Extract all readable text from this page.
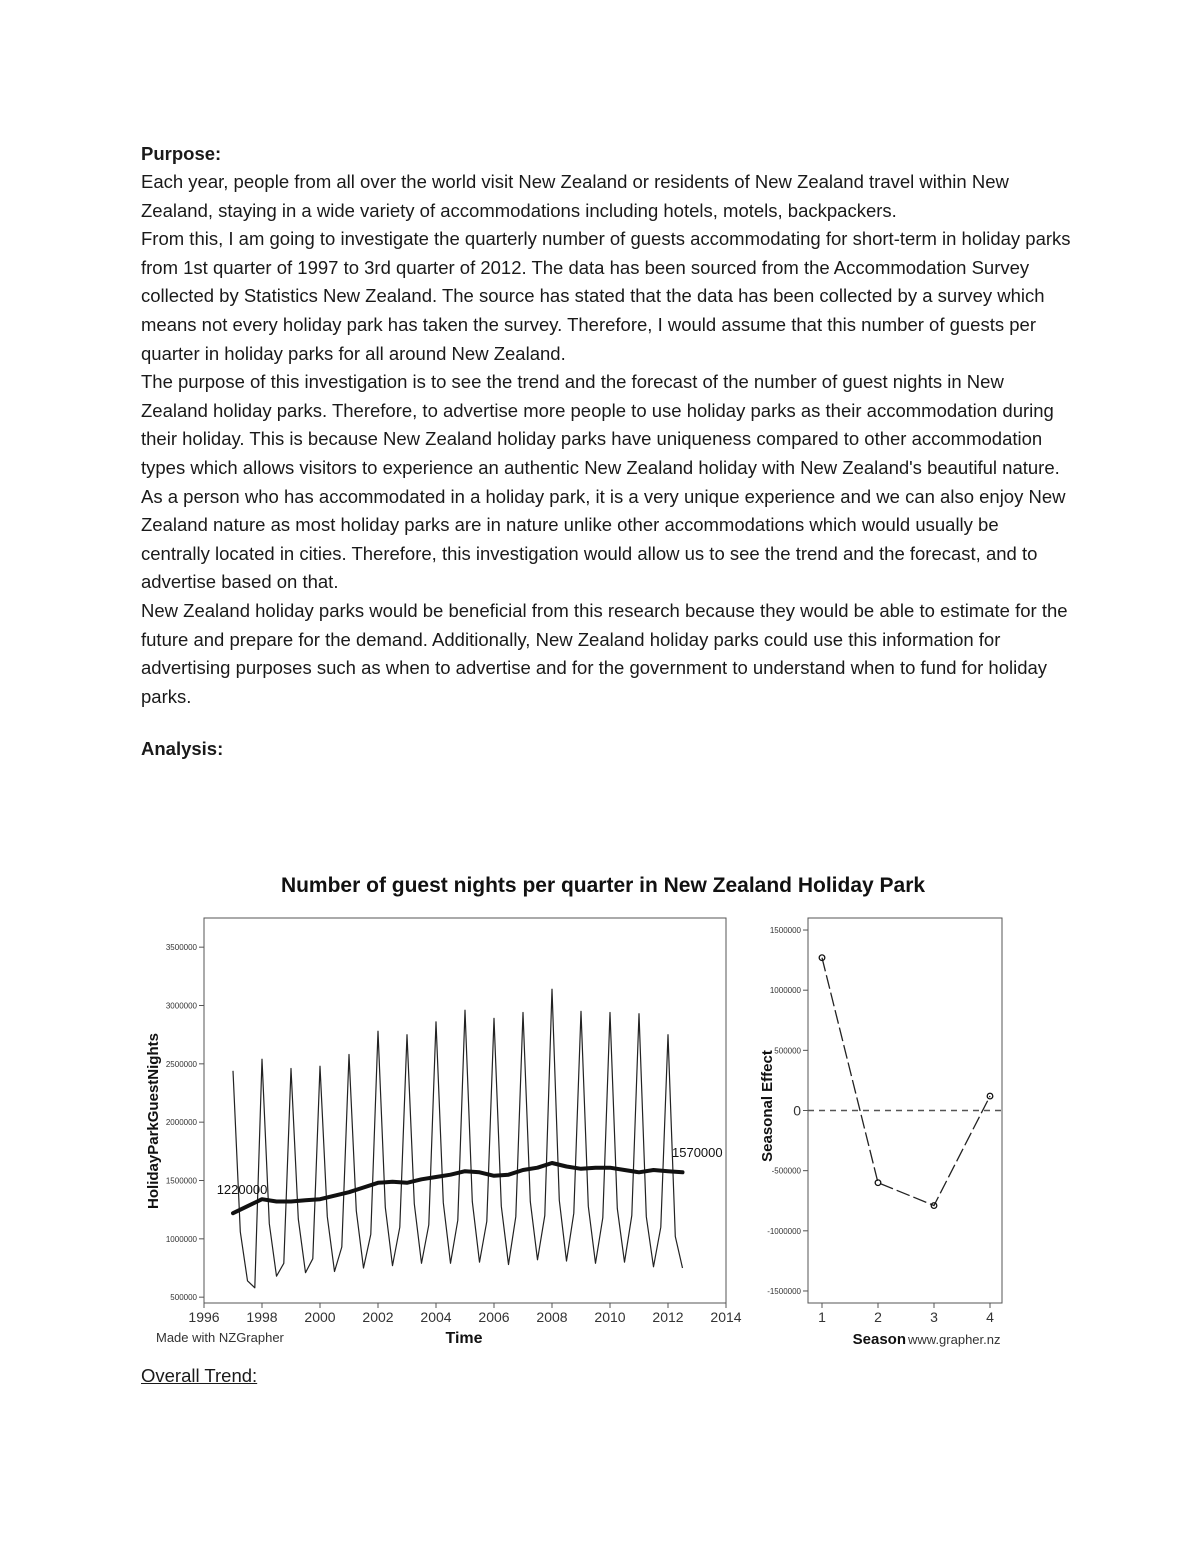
Purpose:

Each year, people from all over the world visit New Zealand or residents of New Zealand travel within New Zealand, staying in a wide variety of accommodations including hotels, motels, backpackers.

From this, I am going to investigate the quarterly number of guests accommodating for short-term in holiday parks from 1st quarter of 1997 to 3rd quarter of 2012. The data has been sourced from the Accommodation Survey collected by Statistics New Zealand. The source has stated that the data has been collected by a survey which means not every holiday park has taken the survey. Therefore, I would assume that this number of guests per quarter in holiday parks for all around New Zealand.

The purpose of this investigation is to see the trend and the forecast of the number of guest nights in New Zealand holiday parks. Therefore, to advertise more people to use holiday parks as their accommodation during their holiday. This is because New Zealand holiday parks have uniqueness compared to other accommodation types which allows visitors to experience an authentic New Zealand holiday with New Zealand's beautiful nature. As a person who has accommodated in a holiday park, it is a very unique experience and we can also enjoy New Zealand nature as most holiday parks are in nature unlike other accommodations which would usually be centrally located in cities. Therefore, this investigation would allow us to see the trend and the forecast, and to advertise based on that.

New Zealand holiday parks would be beneficial from this research because they would be able to estimate for the future and prepare for the demand. Additionally, New Zealand holiday parks could use this information for advertising purposes such as when to advertise and for the government to understand when to fund for holiday parks.

Analysis:

Number of guest nights per quarter in New Zealand Holiday Park
500000
1000000
1500000
2000000
2500000
3000000
3500000
1996 1998 2000 2002 2004 2006 2008 2010 2012 2014
1220000
1570000
HolidayParkGuestNights
Time
Made with NZGrapher
1500000
1000000
500000
0
-500000
-1000000
-1500000
1	2	3	4
Seasonal Effect
Season www.grapher.nz
Overall Trend:
